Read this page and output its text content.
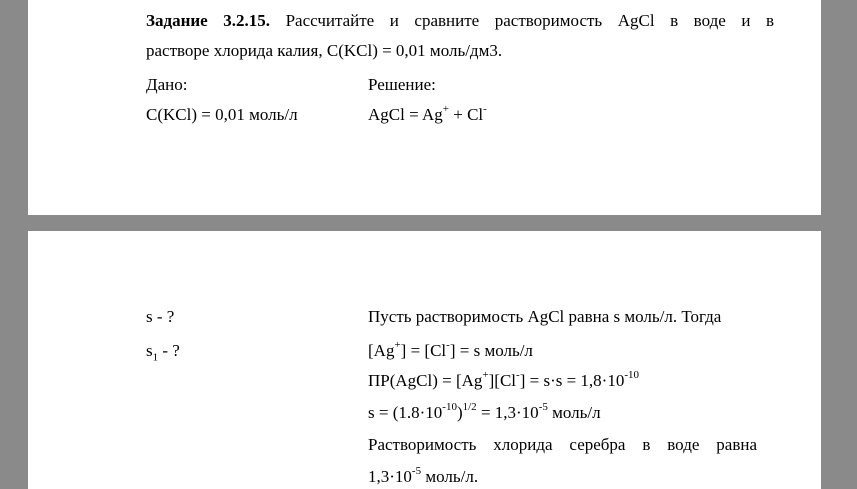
Задание 3.2.15. Рассчитайте и сравните растворимость AgCl в воде и в
растворе хлорида калия, C(KCl) = 0,01 моль/дм3.
Дано:	Решение:
C(KCl) = 0,01 моль/л	AgCl = Ag+ + Cl-
s - ?	Пусть растворимость AgCl равна s моль/л. Тогда
$s_1$ - ?	[Ag+] = [Cl-] = s моль/л
ПР(AgCl) = $[Ag^+][Cl^-] = s\cdot s = 1,8\cdot 10^{-10}$
$s = (1.8\cdot 10^{-10})^{1/2} = 1,3\cdot 10^{-5}$ моль/л
Растворимость хлорида серебра в воде равна
$1,3\cdot 10^{-5}$ моль/л.
